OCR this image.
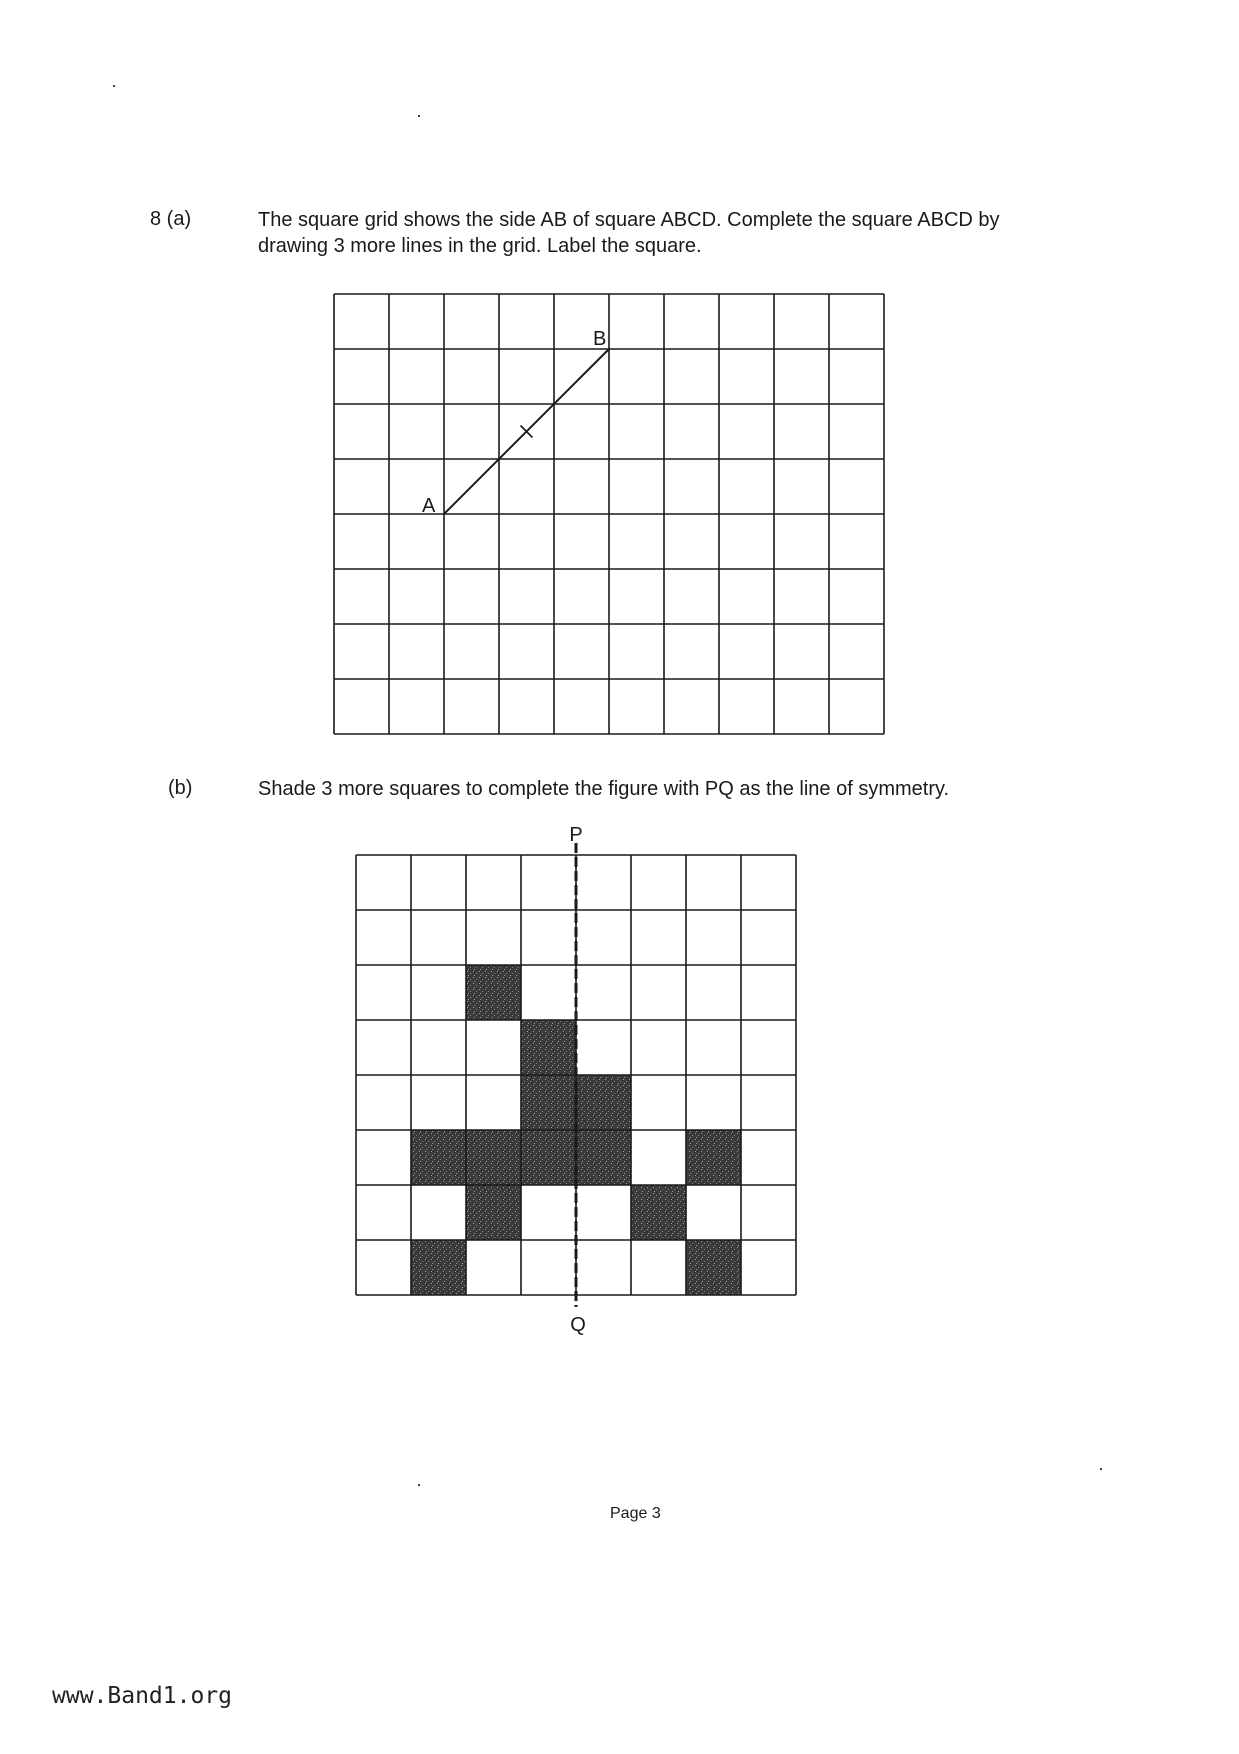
8 (a)	The square grid shows the side AB of square ABCD. Complete the square ABCD by
drawing 3 more lines in the grid. Label the square.
A
B
(b)	Shade 3 more squares to complete the figure with PQ as the line of symmetry.
P
Q
Page 3
www.Band1.org
